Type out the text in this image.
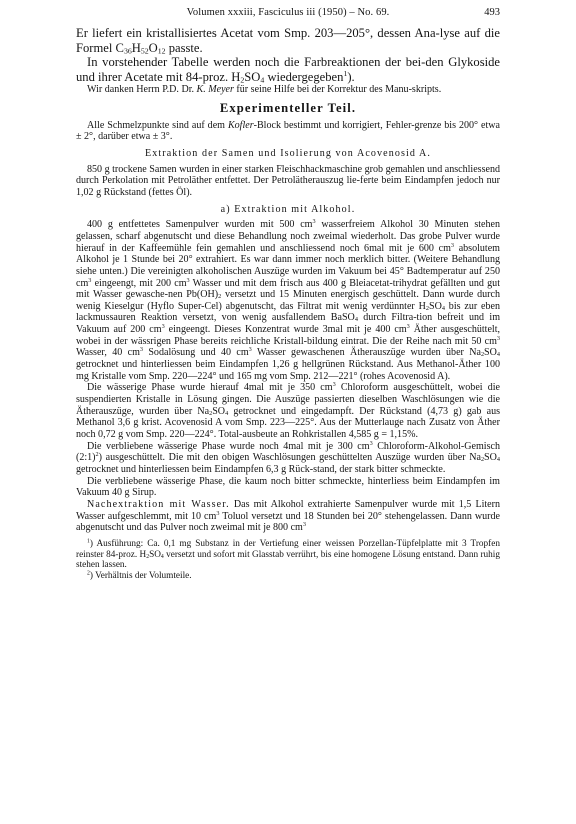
Volumen xxxiii, Fasciculus iii (1950) – No. 69.	493

Er liefert ein kristallisiertes Acetat vom Smp. 203—205°, dessen Ana-lyse auf die Formel $C_{36}H_{52}O_{12}$ passte.

In vorstehender Tabelle werden noch die Farbreaktionen der bei-den Glykoside und ihrer Acetate mit 84-proz. $H_2SO_4$ wiedergegeben$^1$).

Wir danken Herrn P.D. Dr. K. Meyer für seine Hilfe bei der Korrektur des Manu-skripts.

Experimenteller Teil.

Alle Schmelzpunkte sind auf dem Kofler-Block bestimmt und korrigiert, Fehler-grenze bis 200° etwa ± 2°, darüber etwa ± 3°.

Extraktion der Samen und Isolierung von Acovenosid A.

850 g trockene Samen wurden in einer starken Fleischhackmaschine grob gemahlen und anschliessend durch Perkolation mit Petroläther entfettet. Der Petrolätherauszug lie-ferte beim Eindampfen jedoch nur 1,02 g Rückstand (fettes Öl).

a) Extraktion mit Alkohol.

400 g entfettetes Samenpulver wurden mit 500 $cm^3$ wasserfreiem Alkohol 30 Minuten stehen gelassen, scharf abgenutscht und diese Behandlung noch zweimal wiederholt. Das grobe Pulver wurde hierauf in der Kaffeemühle fein gemahlen und anschliessend noch 6mal mit je 600 $cm^3$ absolutem Alkohol je 1 Stunde bei 20° extrahiert. Es war dann immer noch merklich bitter. (Weitere Behandlung siehe unten.) Die vereinigten alkoholischen Auszüge wurden im Vakuum bei 45° Badtemperatur auf 250 $cm^3$ eingeengt, mit 200 $cm^3$ Wasser und mit dem frisch aus 400 g Bleiacetat-trihydrat gefällten und gut mit Wasser gewasche-nen $Pb(OH)_2$ versetzt und 15 Minuten energisch geschüttelt. Dann wurde durch wenig Kieselgur (Hyflo Super-Cel) abgenutscht, das Filtrat mit wenig verdünnter $H_2SO_4$ bis zur eben lackmussauren Reaktion versetzt, von wenig ausfallendem BaSO$_4$ durch Filtra-tion befreit und im Vakuum auf 200 $cm^3$ eingeengt. Dieses Konzentrat wurde 3mal mit je 400 $cm^3$ Äther ausgeschüttelt, wobei in der wässrigen Phase bereits reichliche Kristall-bildung eintrat. Die der Reihe nach mit 50 $cm^3$ Wasser, 40 $cm^3$ Sodalösung und 40 $cm^3$ Wasser gewaschenen Ätherauszüge wurden über $Na_2SO_4$ getrocknet und hinterliessen beim Eindampfen 1,26 g hellgrünen Rückstand. Aus Methanol-Äther 100 mg Kristalle vom Smp. 220—224° und 165 mg vom Smp. 212—221° (rohes Acovenosid A).

Die wässerige Phase wurde hierauf 4mal mit je 350 $cm^3$ Chloroform ausgeschüttelt, wobei die suspendierten Kristalle in Lösung gingen. Die Auszüge passierten dieselben Waschlösungen wie die Ätherauszüge, wurden über $Na_2SO_4$ getrocknet und eingedampft. Der Rückstand (4,73 g) gab aus Methanol 3,6 g krist. Acovenosid A vom Smp. 223—225°. Aus der Mutterlauge nach Zusatz von Äther noch 0,72 g vom Smp. 220—224°. Total-ausbeute an Rohkristallen 4,585 g = 1,15%.

Die verbliebene wässerige Phase wurde noch 4mal mit je 300 $cm^3$ Chloroform-Alkohol-Gemisch (2:1)$^2$) ausgeschüttelt. Die mit den obigen Waschlösungen geschüttelten Auszüge wurden über $Na_2SO_4$ getrocknet und hinterliessen beim Eindampfen 6,3 g Rück-stand, der stark bitter schmeckte.

Die verbliebene wässerige Phase, die kaum noch bitter schmeckte, hinterliess beim Eindampfen im Vakuum 40 g Sirup.

Nachextraktion mit Wasser. Das mit Alkohol extrahierte Samenpulver wurde mit 1,5 Litern Wasser aufgeschlemmt, mit 10 $cm^3$ Toluol versetzt und 18 Stunden bei 20° stehengelassen. Dann wurde abgenutscht und das Pulver noch zweimal mit je 800 $cm^3$

$^1$) Ausführung: Ca. 0,1 mg Substanz in der Vertiefung einer weissen Porzellan-Tüpfelplatte mit 3 Tropfen reinster 84-proz. $H_2SO_4$ versetzt und sofort mit Glasstab verrührt, bis eine homogene Lösung entstand. Dann ruhig stehen lassen.

$^2$) Verhältnis der Volumteile.
